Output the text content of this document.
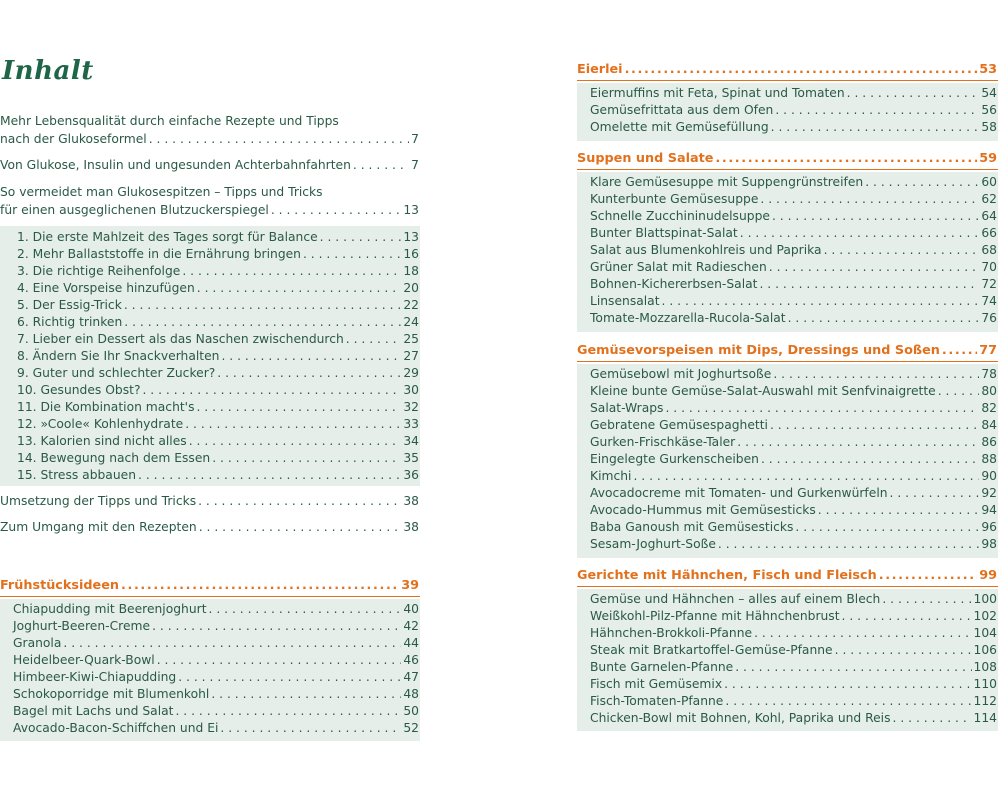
Inhalt
Mehr Lebensqualität durch einfache Rezepte und Tipps
nach der Glukoseformel . . .	7
Von Glukose, Insulin und ungesunden Achterbahnfahrten . . .	7
So vermeidet man Glukosespitzen – Tipps und Tricks
für einen ausgeglichenen Blutzuckerspiegel . . .	13
1. Die erste Mahlzeit des Tages sorgt für Balance . . .	13
2. Mehr Ballaststoffe in die Ernährung bringen . . .	16
3. Die richtige Reihenfolge . . .	18
4. Eine Vorspeise hinzufügen . . .	20
5. Der Essig-Trick . . .	22
6. Richtig trinken . . .	24
7. Lieber ein Dessert als das Naschen zwischendurch . . .	25
8. Ändern Sie Ihr Snackverhalten . . .	27
9. Guter und schlechter Zucker? . . .	29
10. Gesundes Obst? . . .	30
11. Die Kombination macht's . . .	32
12. »Coole« Kohlenhydrate . . .	33
13. Kalorien sind nicht alles . . .	34
14. Bewegung nach dem Essen . . .	35
15. Stress abbauen . . .	36
Umsetzung der Tipps und Tricks . . .	38
Zum Umgang mit den Rezepten . . .	38
Frühstücksideen .....	39
Chiapudding mit Beerenjoghurt . . .	40
Joghurt-Beeren-Creme . . .	42
Granola . . .	44
Heidelbeer-Quark-Bowl . . .	46
Himbeer-Kiwi-Chiapudding . . .	47
Schokoporridge mit Blumenkohl . . .	48
Bagel mit Lachs und Salat . . .	50
Avocado-Bacon-Schiffchen und Ei . . .	52
Eierlei .....	53
Eiermuffins mit Feta, Spinat und Tomaten . . .	54
Gemüsefrittata aus dem Ofen . . .	56
Omelette mit Gemüsefüllung . . .	58
Suppen und Salate .....	59
Klare Gemüsesuppe mit Suppengrünstreifen . . .	60
Kunterbunte Gemüsesuppe . . .	62
Schnelle Zucchininudelsuppe . . .	64
Bunter Blattspinat-Salat . . .	66
Salat aus Blumenkohlreis und Paprika . . .	68
Grüner Salat mit Radieschen . . .	70
Bohnen-Kichererbsen-Salat . . .	72
Linsensalat . . .	74
Tomate-Mozzarella-Rucola-Salat . . .	76
Gemüsevorspeisen mit Dips, Dressings und Soßen .....	77
Gemüsebowl mit Joghurtsoße . . .	78
Kleine bunte Gemüse-Salat-Auswahl mit Senfvinaigrette . . .	80
Salat-Wraps . . .	82
Gebratene Gemüsespaghetti . . .	84
Gurken-Frischkäse-Taler . . .	86
Eingelegte Gurkenscheiben . . .	88
Kimchi . . .	90
Avocadocreme mit Tomaten- und Gurkenwürfeln . . .	92
Avocado-Hummus mit Gemüsesticks . . .	94
Baba Ganoush mit Gemüsesticks . . .	96
Sesam-Joghurt-Soße . . .	98
Gerichte mit Hähnchen, Fisch und Fleisch .....	99
Gemüse und Hähnchen – alles auf einem Blech . . .	100
Weißkohl-Pilz-Pfanne mit Hähnchenbrust . . .	102
Hähnchen-Brokkoli-Pfanne . . .	104
Steak mit Bratkartoffel-Gemüse-Pfanne . . .	106
Bunte Garnelen-Pfanne . . .	108
Fisch mit Gemüsemix . . .	110
Fisch-Tomaten-Pfanne . . .	112
Chicken-Bowl mit Bohnen, Kohl, Paprika und Reis . . .	114
